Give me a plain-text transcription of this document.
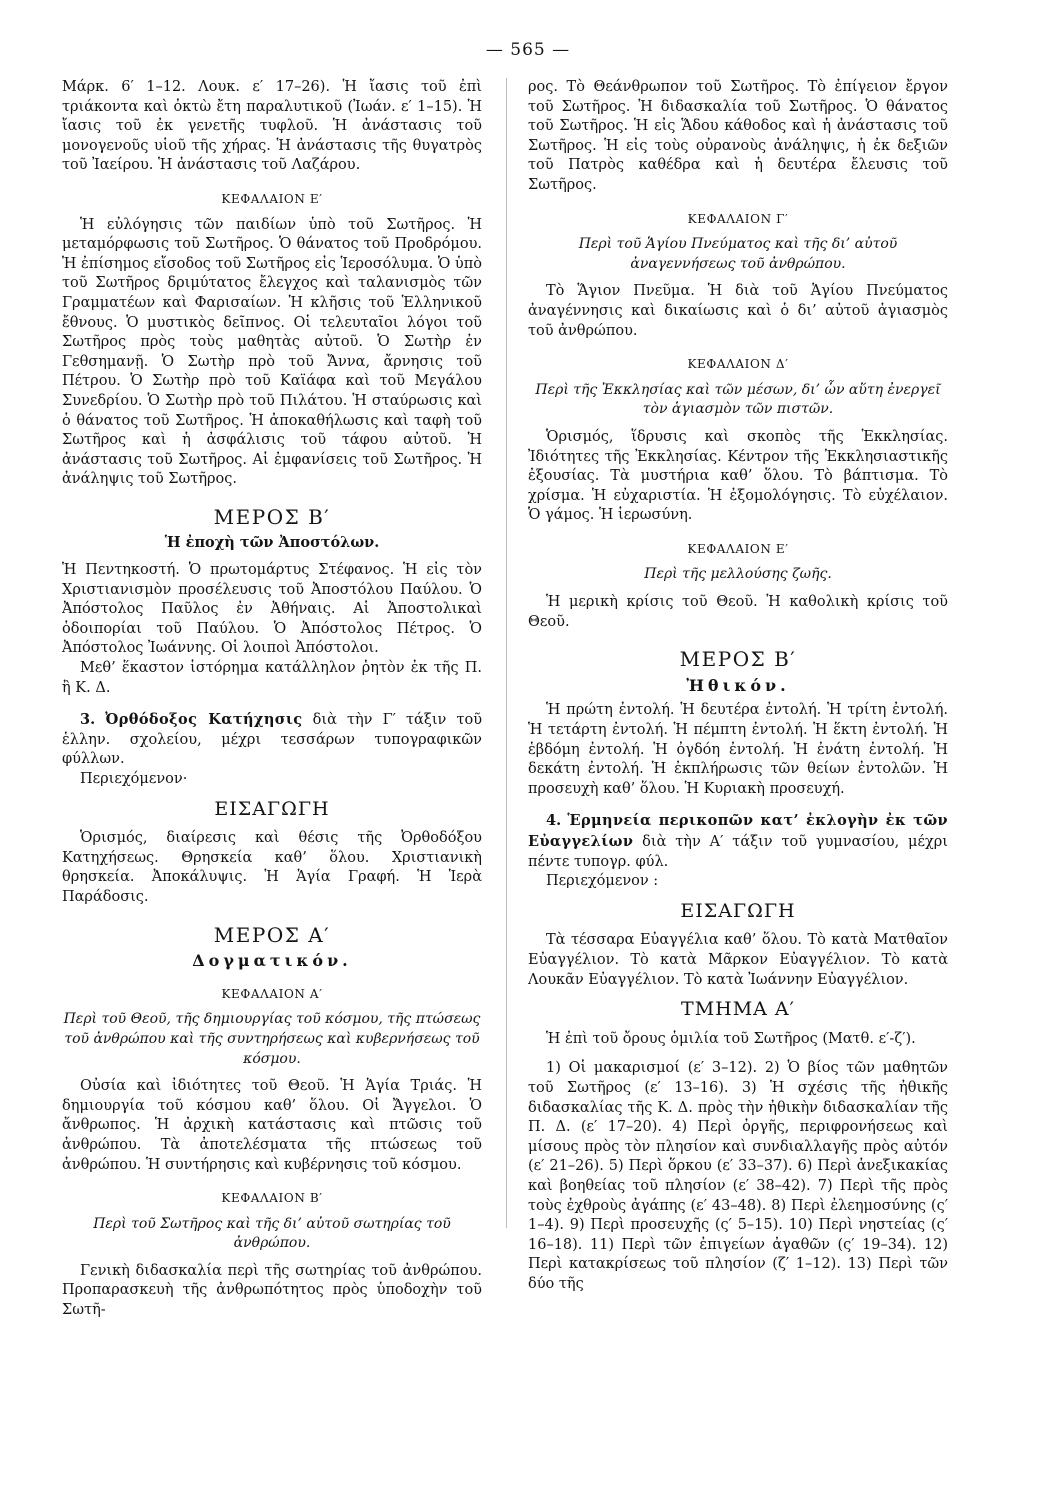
— 565 —

Μάρκ. 6′ 1–12. Λουκ. ε′ 17–26). Ἡ ἴασις τοῦ ἐπὶ τριάκοντα καὶ ὀκτὼ ἔτη παραλυτικοῦ (Ἰωάν. ε′ 1–15). Ἡ ἴασις τοῦ ἐκ γενετῆς τυφλοῦ. Ἡ ἀνάστασις τοῦ μονογενοῦς υἱοῦ τῆς χήρας. Ἡ ἀνάστασις τῆς θυγατρὸς τοῦ Ἰαείρου. Ἡ ἀνάστασις τοῦ Λαζάρου.

ΚΕΦΑΛΑΙΟΝ Ε′

Ἡ εὐλόγησις τῶν παιδίων ὑπὸ τοῦ Σωτῆρος. Ἡ μεταμόρφωσις τοῦ Σωτῆρος. Ὁ θάνατος τοῦ Προδρόμου. Ἡ ἐπίσημος εἴσοδος τοῦ Σωτῆρος εἰς Ἱεροσόλυμα. Ὁ ὑπὸ τοῦ Σωτῆρος δριμύτατος ἔλεγχος καὶ ταλανισμὸς τῶν Γραμματέων καὶ Φαρισαίων. Ἡ κλῆσις τοῦ Ἑλληνικοῦ ἔθνους. Ὁ μυστικὸς δεῖπνος. Οἱ τελευταῖοι λόγοι τοῦ Σωτῆρος πρὸς τοὺς μαθητὰς αὐτοῦ. Ὁ Σωτὴρ ἐν Γεθσημανῇ. Ὁ Σωτὴρ πρὸ τοῦ Ἄννα, ἄρνησις τοῦ Πέτρου. Ὁ Σωτὴρ πρὸ τοῦ Καϊάφα καὶ τοῦ Μεγάλου Συνεδρίου. Ὁ Σωτὴρ πρὸ τοῦ Πιλάτου. Ἡ σταύρωσις καὶ ὁ θάνατος τοῦ Σωτῆρος. Ἡ ἀποκαθήλωσις καὶ ταφὴ τοῦ Σωτῆρος καὶ ἡ ἀσφάλισις τοῦ τάφου αὐτοῦ. Ἡ ἀνάστασις τοῦ Σωτῆρος. Αἱ ἐμφανίσεις τοῦ Σωτῆρος. Ἡ ἀνάληψις τοῦ Σωτῆρος.

ΜΕΡΟΣ Β′
Ἡ ἐποχὴ τῶν Ἀποστόλων.

Ἡ Πεντηκοστή. Ὁ πρωτομάρτυς Στέφανος. Ἡ εἰς τὸν Χριστιανισμὸν προσέλευσις τοῦ Ἀποστόλου Παύλου. Ὁ Ἀπόστολος Παῦλος ἐν Ἀθήναις. Αἱ Ἀποστολικαὶ ὁδοιπορίαι τοῦ Παύλου. Ὁ Ἀπόστολος Πέτρος. Ὁ Ἀπόστολος Ἰωάννης. Οἱ λοιποὶ Ἀπόστολοι.

Μεθ’ ἕκαστον ἱστόρημα κατάλληλον ῥητὸν ἐκ τῆς Π. ἢ Κ. Δ.

3. Ὀρθόδοξος Κατήχησις διὰ τὴν Γ′ τάξιν τοῦ ἑλλην. σχολείου, μέχρι τεσσάρων τυπογραφικῶν φύλλων.

Περιεχόμενον·

ΕΙΣΑΓΩΓΗ

Ὁρισμός, διαίρεσις καὶ θέσις τῆς Ὀρθοδόξου Κατηχήσεως. Θρησκεία καθ’ ὅλου. Χριστιανικὴ θρησκεία. Ἀποκάλυψις. Ἡ Ἁγία Γραφή. Ἡ Ἱερὰ Παράδοσις.

ΜΕΡΟΣ Α′
Δογματικόν.
ΚΕΦΑΛΑΙΟΝ Α′
Περὶ τοῦ Θεοῦ, τῆς δημιουργίας τοῦ κόσμου, τῆς πτώσεως τοῦ ἀνθρώπου καὶ τῆς συντηρήσεως καὶ κυβερνήσεως τοῦ κόσμου.

Οὐσία καὶ ἰδιότητες τοῦ Θεοῦ. Ἡ Ἁγία Τριάς. Ἡ δημιουργία τοῦ κόσμου καθ’ ὅλου. Οἱ Ἄγγελοι. Ὁ ἄνθρωπος. Ἡ ἀρχικὴ κατάστασις καὶ πτῶσις τοῦ ἀνθρώπου. Τὰ ἀποτελέσματα τῆς πτώσεως τοῦ ἀνθρώπου. Ἡ συντήρησις καὶ κυβέρνησις τοῦ κόσμου.

ΚΕΦΑΛΑΙΟΝ Β′
Περὶ τοῦ Σωτῆρος καὶ τῆς δι’ αὐτοῦ σωτηρίας τοῦ ἀνθρώπου.

Γενικὴ διδασκαλία περὶ τῆς σωτηρίας τοῦ ἀνθρώπου. Προπαρασκευὴ τῆς ἀνθρωπότητος πρὸς ὑποδοχὴν τοῦ Σωτῆ-

ρος. Τὸ Θεάνθρωπον τοῦ Σωτῆρος. Τὸ ἐπίγειον ἔργον τοῦ Σωτῆρος. Ἡ διδασκαλία τοῦ Σωτῆρος. Ὁ θάνατος τοῦ Σωτῆρος. Ἡ εἰς Ἅδου κάθοδος καὶ ἡ ἀνάστασις τοῦ Σωτῆρος. Ἡ εἰς τοὺς οὐρανοὺς ἀνάληψις, ἡ ἐκ δεξιῶν τοῦ Πατρὸς καθέδρα καὶ ἡ δευτέρα ἔλευσις τοῦ Σωτῆρος.

ΚΕΦΑΛΑΙΟΝ Γ′
Περὶ τοῦ Ἁγίου Πνεύματος καὶ τῆς δι’ αὐτοῦ ἀναγεννήσεως τοῦ ἀνθρώπου.

Τὸ Ἅγιον Πνεῦμα. Ἡ διὰ τοῦ Ἁγίου Πνεύματος ἀναγέννησις καὶ δικαίωσις καὶ ὁ δι’ αὐτοῦ ἁγιασμὸς τοῦ ἀνθρώπου.

ΚΕΦΑΛΑΙΟΝ Δ′
Περὶ τῆς Ἐκκλησίας καὶ τῶν μέσων, δι’ ὧν αὕτη ἐνεργεῖ τὸν ἁγιασμὸν τῶν πιστῶν.

Ὁρισμός, ἵδρυσις καὶ σκοπὸς τῆς Ἐκκλησίας. Ἰδιότητες τῆς Ἐκκλησίας. Κέντρον τῆς Ἐκκλησιαστικῆς ἐξουσίας. Τὰ μυστήρια καθ’ ὅλου. Τὸ βάπτισμα. Τὸ χρίσμα. Ἡ εὐχαριστία. Ἡ ἐξομολόγησις. Τὸ εὐχέλαιον. Ὁ γάμος. Ἡ ἱερωσύνη.

ΚΕΦΑΛΑΙΟΝ Ε′
Περὶ τῆς μελλούσης ζωῆς.

Ἡ μερικὴ κρίσις τοῦ Θεοῦ. Ἡ καθολικὴ κρίσις τοῦ Θεοῦ.

ΜΕΡΟΣ Β′
Ἠθικόν.

Ἡ πρώτη ἐντολή. Ἡ δευτέρα ἐντολή. Ἡ τρίτη ἐντολή. Ἡ τετάρτη ἐντολή. Ἡ πέμπτη ἐντολή. Ἡ ἕκτη ἐντολή. Ἡ ἑβδόμη ἐντολή. Ἡ ὀγδόη ἐντολή. Ἡ ἐνάτη ἐντολή. Ἡ δεκάτη ἐντολή. Ἡ ἐκπλήρωσις τῶν θείων ἐντολῶν. Ἡ προσευχὴ καθ’ ὅλου. Ἡ Κυριακὴ προσευχή.

4. Ἑρμηνεία περικοπῶν κατ’ ἐκλογὴν ἐκ τῶν Εὐαγγελίων διὰ τὴν Α′ τάξιν τοῦ γυμνασίου, μέχρι πέντε τυπογρ. φύλ.

Περιεχόμενον :

ΕΙΣΑΓΩΓΗ

Τὰ τέσσαρα Εὐαγγέλια καθ’ ὅλου. Τὸ κατὰ Ματθαῖον Εὐαγγέλιον. Τὸ κατὰ Μᾶρκον Εὐαγγέλιον. Τὸ κατὰ Λουκᾶν Εὐαγγέλιον. Τὸ κατὰ Ἰωάννην Εὐαγγέλιον.

ΤΜΗΜΑ Α′

Ἡ ἐπὶ τοῦ ὄρους ὁμιλία τοῦ Σωτῆρος (Ματθ. ε′-ζ′).

1) Οἱ μακαρισμοί (ε′ 3–12). 2) Ὁ βίος τῶν μαθητῶν τοῦ Σωτῆρος (ε′ 13–16). 3) Ἡ σχέσις τῆς ἠθικῆς διδασκαλίας τῆς Κ. Δ. πρὸς τὴν ἠθικὴν διδασκαλίαν τῆς Π. Δ. (ε′ 17–20). 4) Περὶ ὀργῆς, περιφρονήσεως καὶ μίσους πρὸς τὸν πλησίον καὶ συνδιαλλαγῆς πρὸς αὐτόν (ε′ 21–26). 5) Περὶ ὅρκου (ε′ 33–37). 6) Περὶ ἀνεξικακίας καὶ βοηθείας τοῦ πλησίον (ε′ 38–42). 7) Περὶ τῆς πρὸς τοὺς ἐχθροὺς ἀγάπης (ε′ 43–48). 8) Περὶ ἐλεημοσύνης (ς′ 1–4). 9) Περὶ προσευχῆς (ς′ 5–15). 10) Περὶ νηστείας (ς′ 16–18). 11) Περὶ τῶν ἐπιγείων ἀγαθῶν (ς′ 19–34). 12) Περὶ κατακρίσεως τοῦ πλησίον (ζ′ 1–12). 13) Περὶ τῶν δύο τῆς
